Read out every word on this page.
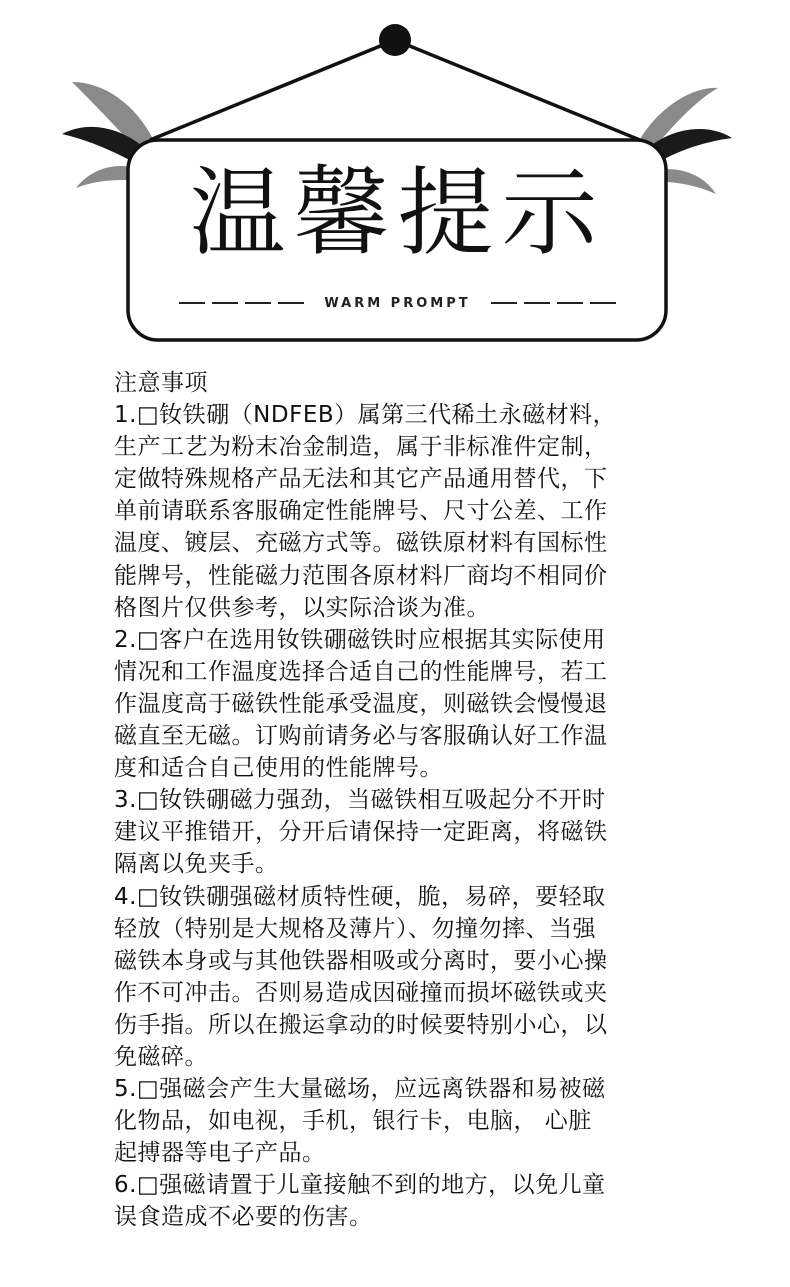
温馨提示
WARM PROMPT
注意事项
1.□钕铁硼（NDFEB）属第三代稀土永磁材料，
生产工艺为粉末冶金制造，属于非标准件定制，
定做特殊规格产品无法和其它产品通用替代，下
单前请联系客服确定性能牌号、尺寸公差、工作
温度、镀层、充磁方式等。磁铁原材料有国标性
能牌号，性能磁力范围各原材料厂商均不相同价
格图片仅供参考，以实际洽谈为准。
2.□客户在选用钕铁硼磁铁时应根据其实际使用
情况和工作温度选择合适自己的性能牌号，若工
作温度高于磁铁性能承受温度，则磁铁会慢慢退
磁直至无磁。订购前请务必与客服确认好工作温
度和适合自己使用的性能牌号。
3.□钕铁硼磁力强劲，当磁铁相互吸起分不开时
建议平推错开，分开后请保持一定距离，将磁铁
隔离以免夹手。
4.□钕铁硼强磁材质特性硬，脆，易碎，要轻取
轻放（特别是大规格及薄片）、勿撞勿摔、当强
磁铁本身或与其他铁器相吸或分离时，要小心操
作不可冲击。否则易造成因碰撞而损坏磁铁或夹
伤手指。所以在搬运拿动的时候要特别小心，以
免磁碎。
5.□强磁会产生大量磁场，应远离铁器和易被磁
化物品，如电视，手机，银行卡，电脑， 心脏
起搏器等电子产品。
6.□强磁请置于儿童接触不到的地方，以免儿童
误食造成不必要的伤害。
